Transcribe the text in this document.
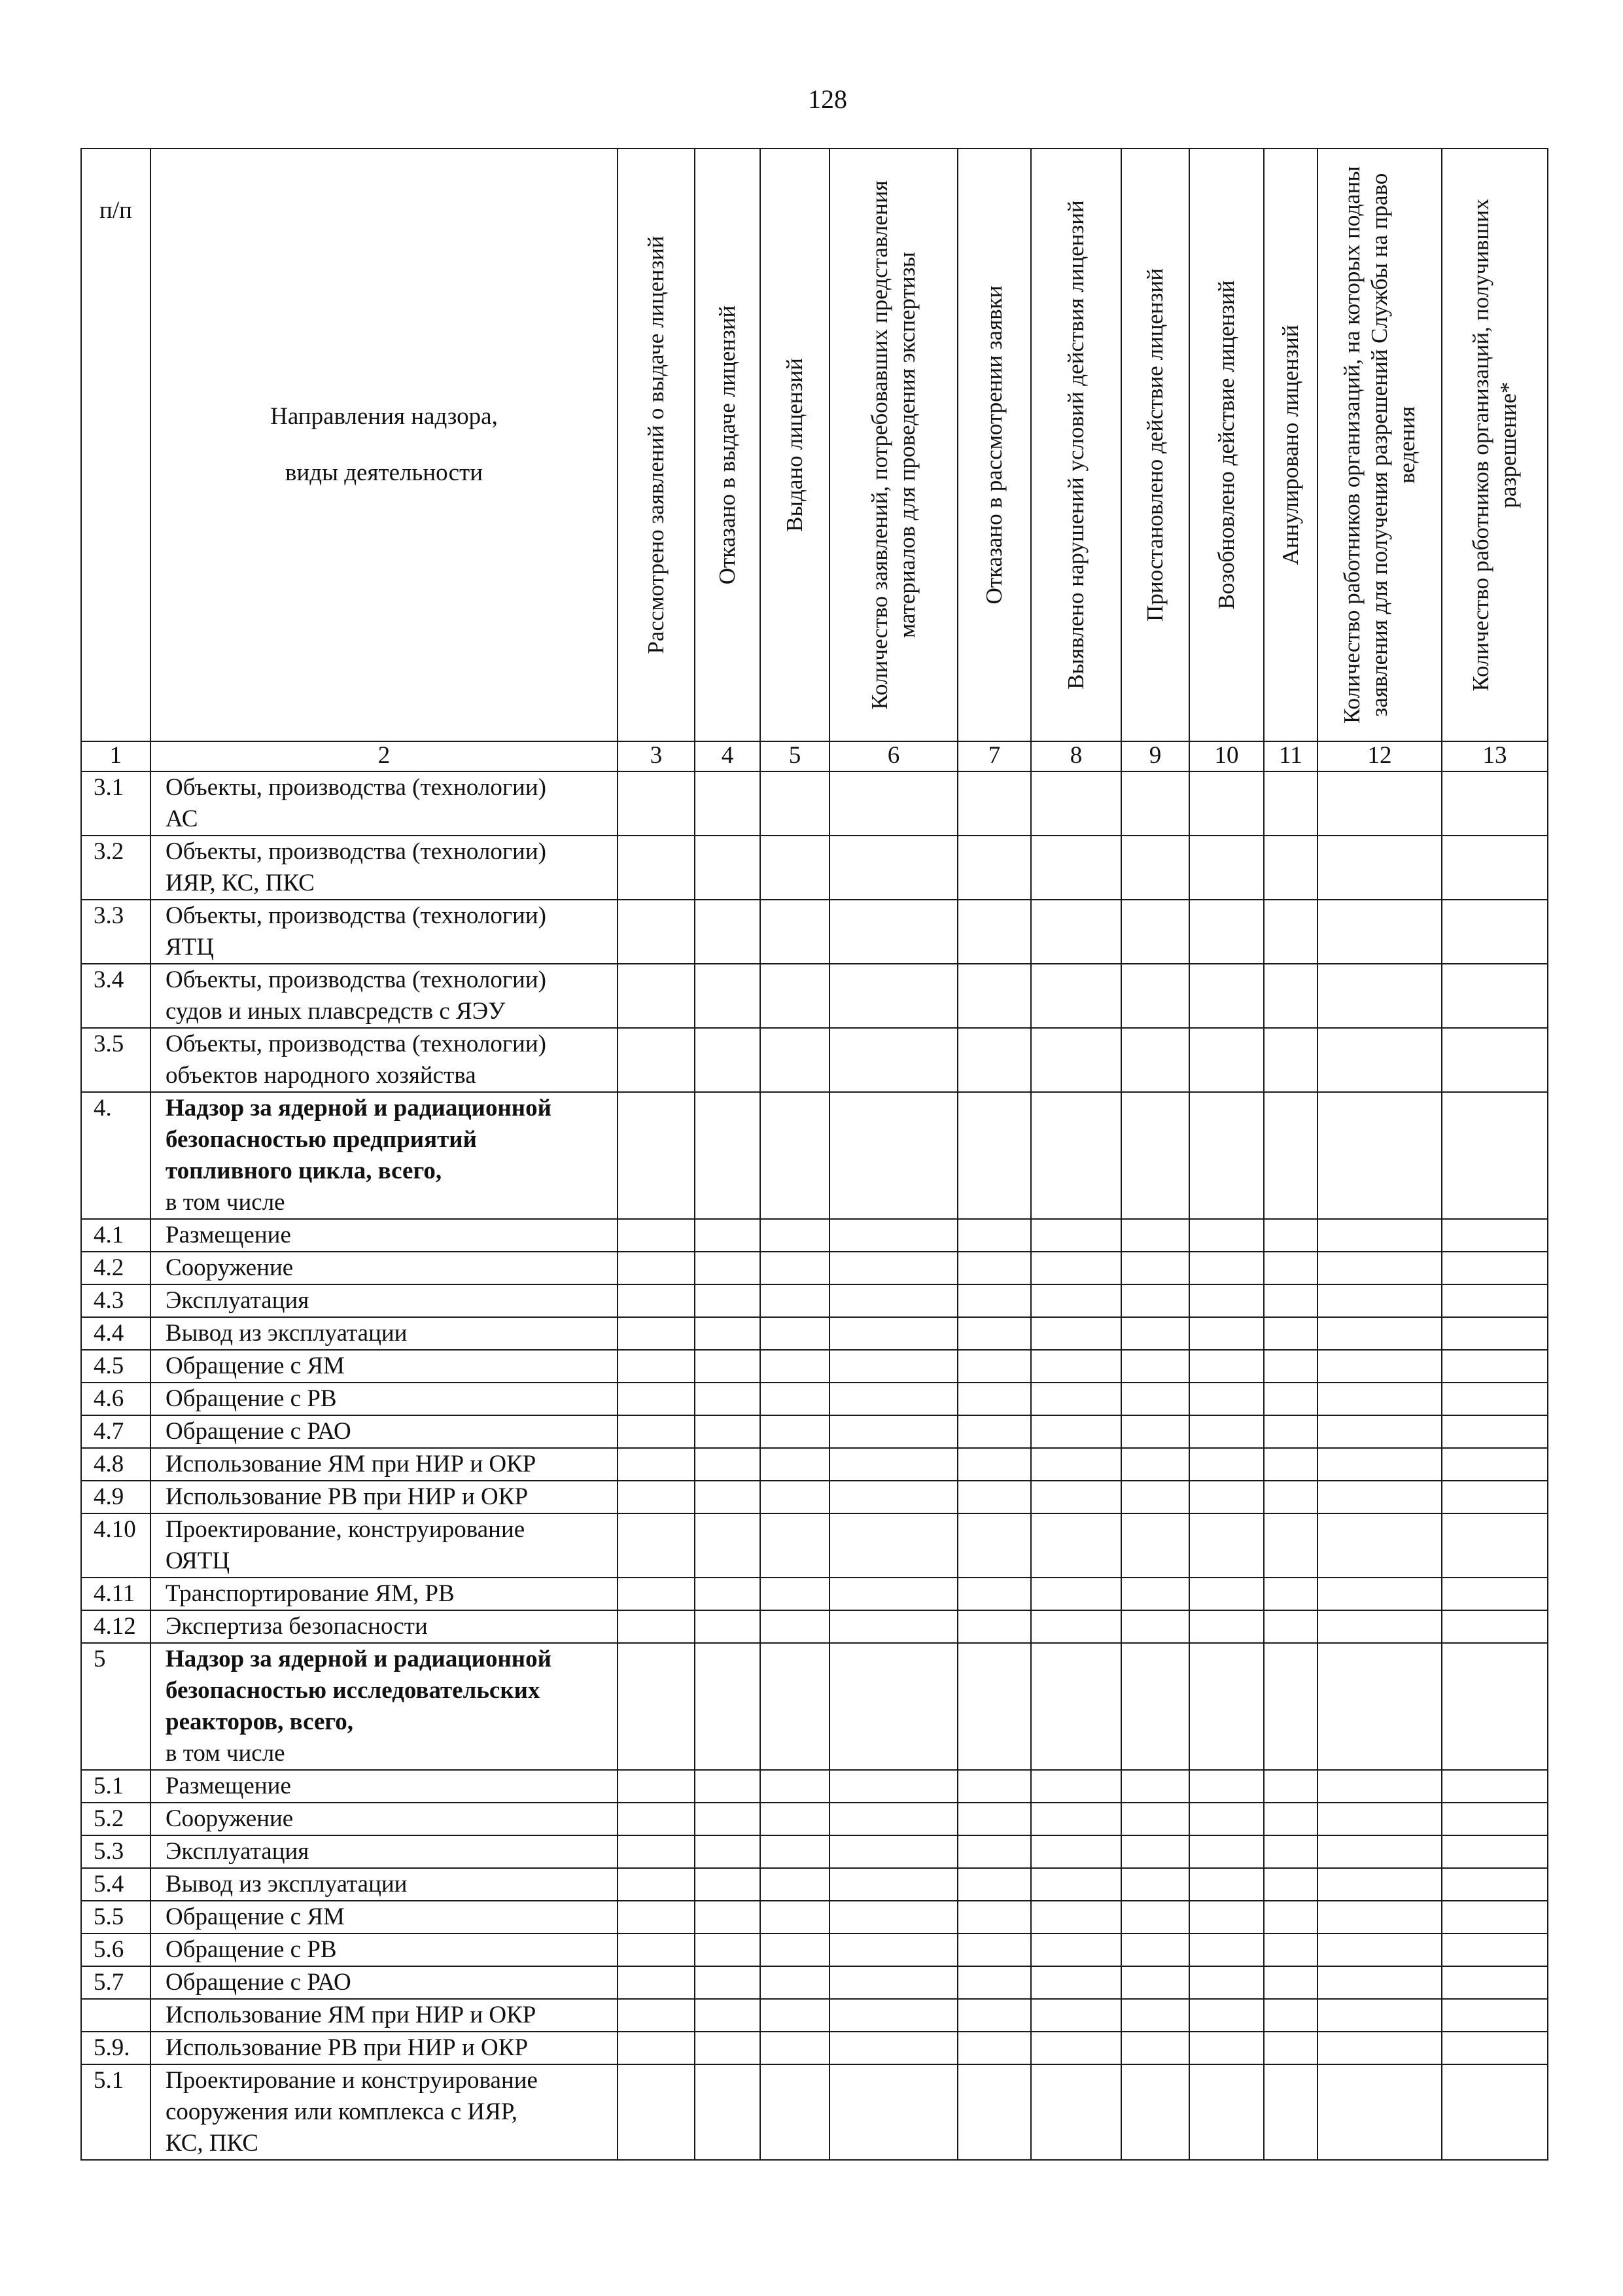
128
п/п	Направления надзора,
виды деятельности	Рассмотрено заявлений о выдаче лицензий	Отказано в выдаче лицензий	Выдано лицензий	Количество заявлений, потребовавших представления материалов для проведения экспертизы	Отказано в рассмотрении заявки	Выявлено нарушений условий действия лицензий	Приостановлено действие лицензий	Возобновлено действие лицензий	Аннулировано лицензий	Количество работников организаций, на которых поданы заявления для получения разрешений Службы на право ведения	Количество работников организаций, получивших разрешение*

1	2	3	4	5	6	7	8	9	10	11	12	13
3.1	Объекты, производства (технологии)
АС											

3.2	Объекты, производства (технологии)
ИЯР, КС, ПКС											

3.3	Объекты, производства (технологии)
ЯТЦ											

3.4	Объекты, производства (технологии)
судов и иных плавсредств с ЯЭУ											

3.5	Объекты, производства (технологии)
объектов народного хозяйства											

4.	Надзор за ядерной и радиационной
безопасностью предприятий
топливного цикла, всего,
в том числе											

4.1	Размещение											

4.2	Сооружение											

4.3	Эксплуатация											

4.4	Вывод из эксплуатации											

4.5	Обращение с ЯМ											

4.6	Обращение с РВ											

4.7	Обращение с РАО											

4.8	Использование ЯМ при НИР и ОКР											

4.9	Использование РВ при НИР и ОКР											

4.10	Проектирование, конструирование
ОЯТЦ											

4.11	Транспортирование ЯМ, РВ											

4.12	Экспертиза безопасности											

5	Надзор за ядерной и радиационной
безопасностью исследовательских
реакторов, всего,
в том числе											

5.1	Размещение											

5.2	Сооружение											

5.3	Эксплуатация											

5.4	Вывод из эксплуатации											

5.5	Обращение с ЯМ											

5.6	Обращение с РВ											

5.7	Обращение с РАО											

	Использование ЯМ при НИР и ОКР											

5.9.	Использование РВ при НИР и ОКР											

5.1	Проектирование и конструирование
сооружения или комплекса с ИЯР,
КС, ПКС											
